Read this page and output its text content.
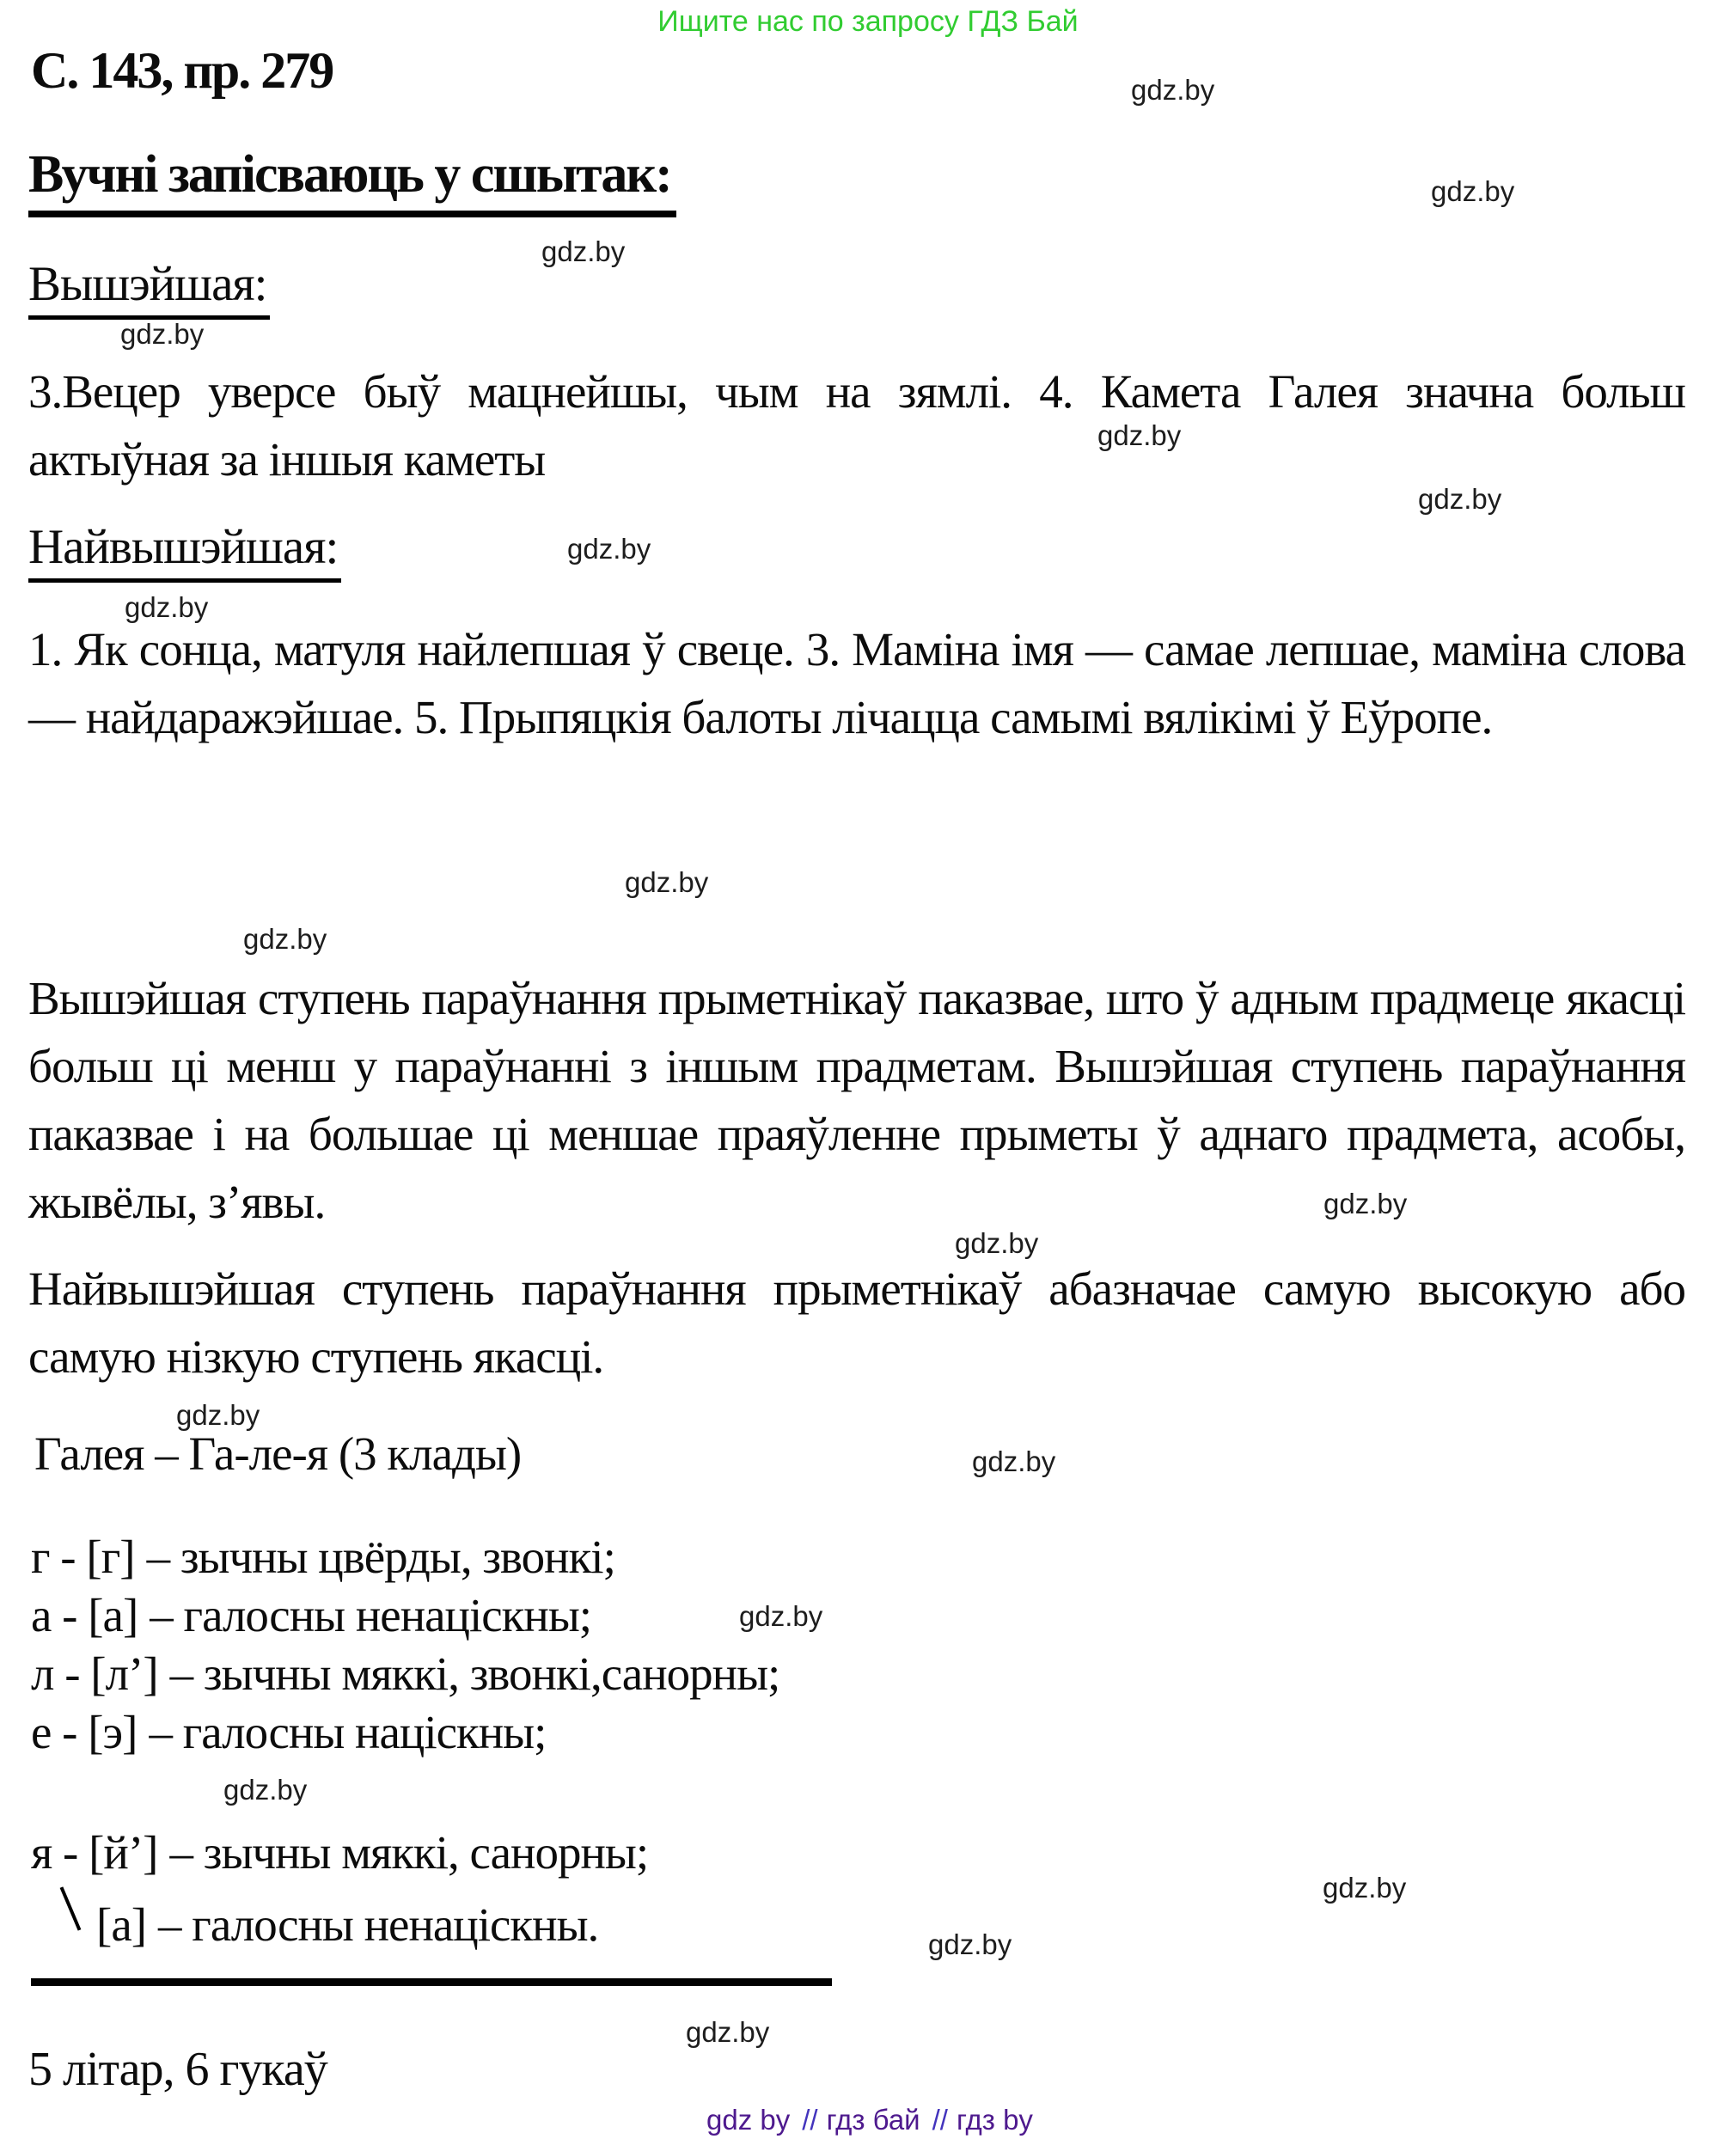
Ищите нас по запросу ГДЗ Бай
С. 143, пр. 279
Вучні запісваюць у сшытак:
Вышэйшая:
3.Вецер уверсе быў мацнейшы, чым на зямлі. 4. Камета Галея значна больш актыўная за іншыя каметы
Найвышэйшая:
1. Як сонца, матуля найлепшая ў свеце. 3. Маміна імя — самае лепшае, маміна слова — найдаражэйшае. 5. Прыпяцкія балоты лічацца самымі вялікімі ў Еўропе.
Вышэйшая ступень параўнання прыметнікаў паказвае, што ў адным прадмеце якасці больш ці менш у параўнанні з іншым прадметам. Вышэйшая ступень параўнання паказвае і на большае ці меншае праяўленне прыметы ў аднаго прадмета, асобы, жывёлы, з’явы.
Найвышэйшая ступень параўнання прыметнікаў абазначае самую высокую або самую нізкую ступень якасці.
Галея – Га-ле-я (3 клады)
г - [г] – зычны цвёрды, звонкі;
а - [а] – галосны ненаціскны;
л - [л’] – зычны мяккі, звонкі,санорны;
е - [э] – галосны націскны;
я - [й’] – зычны мяккі, санорны;
[а] – галосны ненаціскны.
5 літар, 6 гукаў
gdz by // гдз бай // гдз by
gdz.by
gdz.by
gdz.by
gdz.by
gdz.by
gdz.by
gdz.by
gdz.by
gdz.by
gdz.by
gdz.by
gdz.by
gdz.by
gdz.by
gdz.by
gdz.by
gdz.by
gdz.by
gdz.by
